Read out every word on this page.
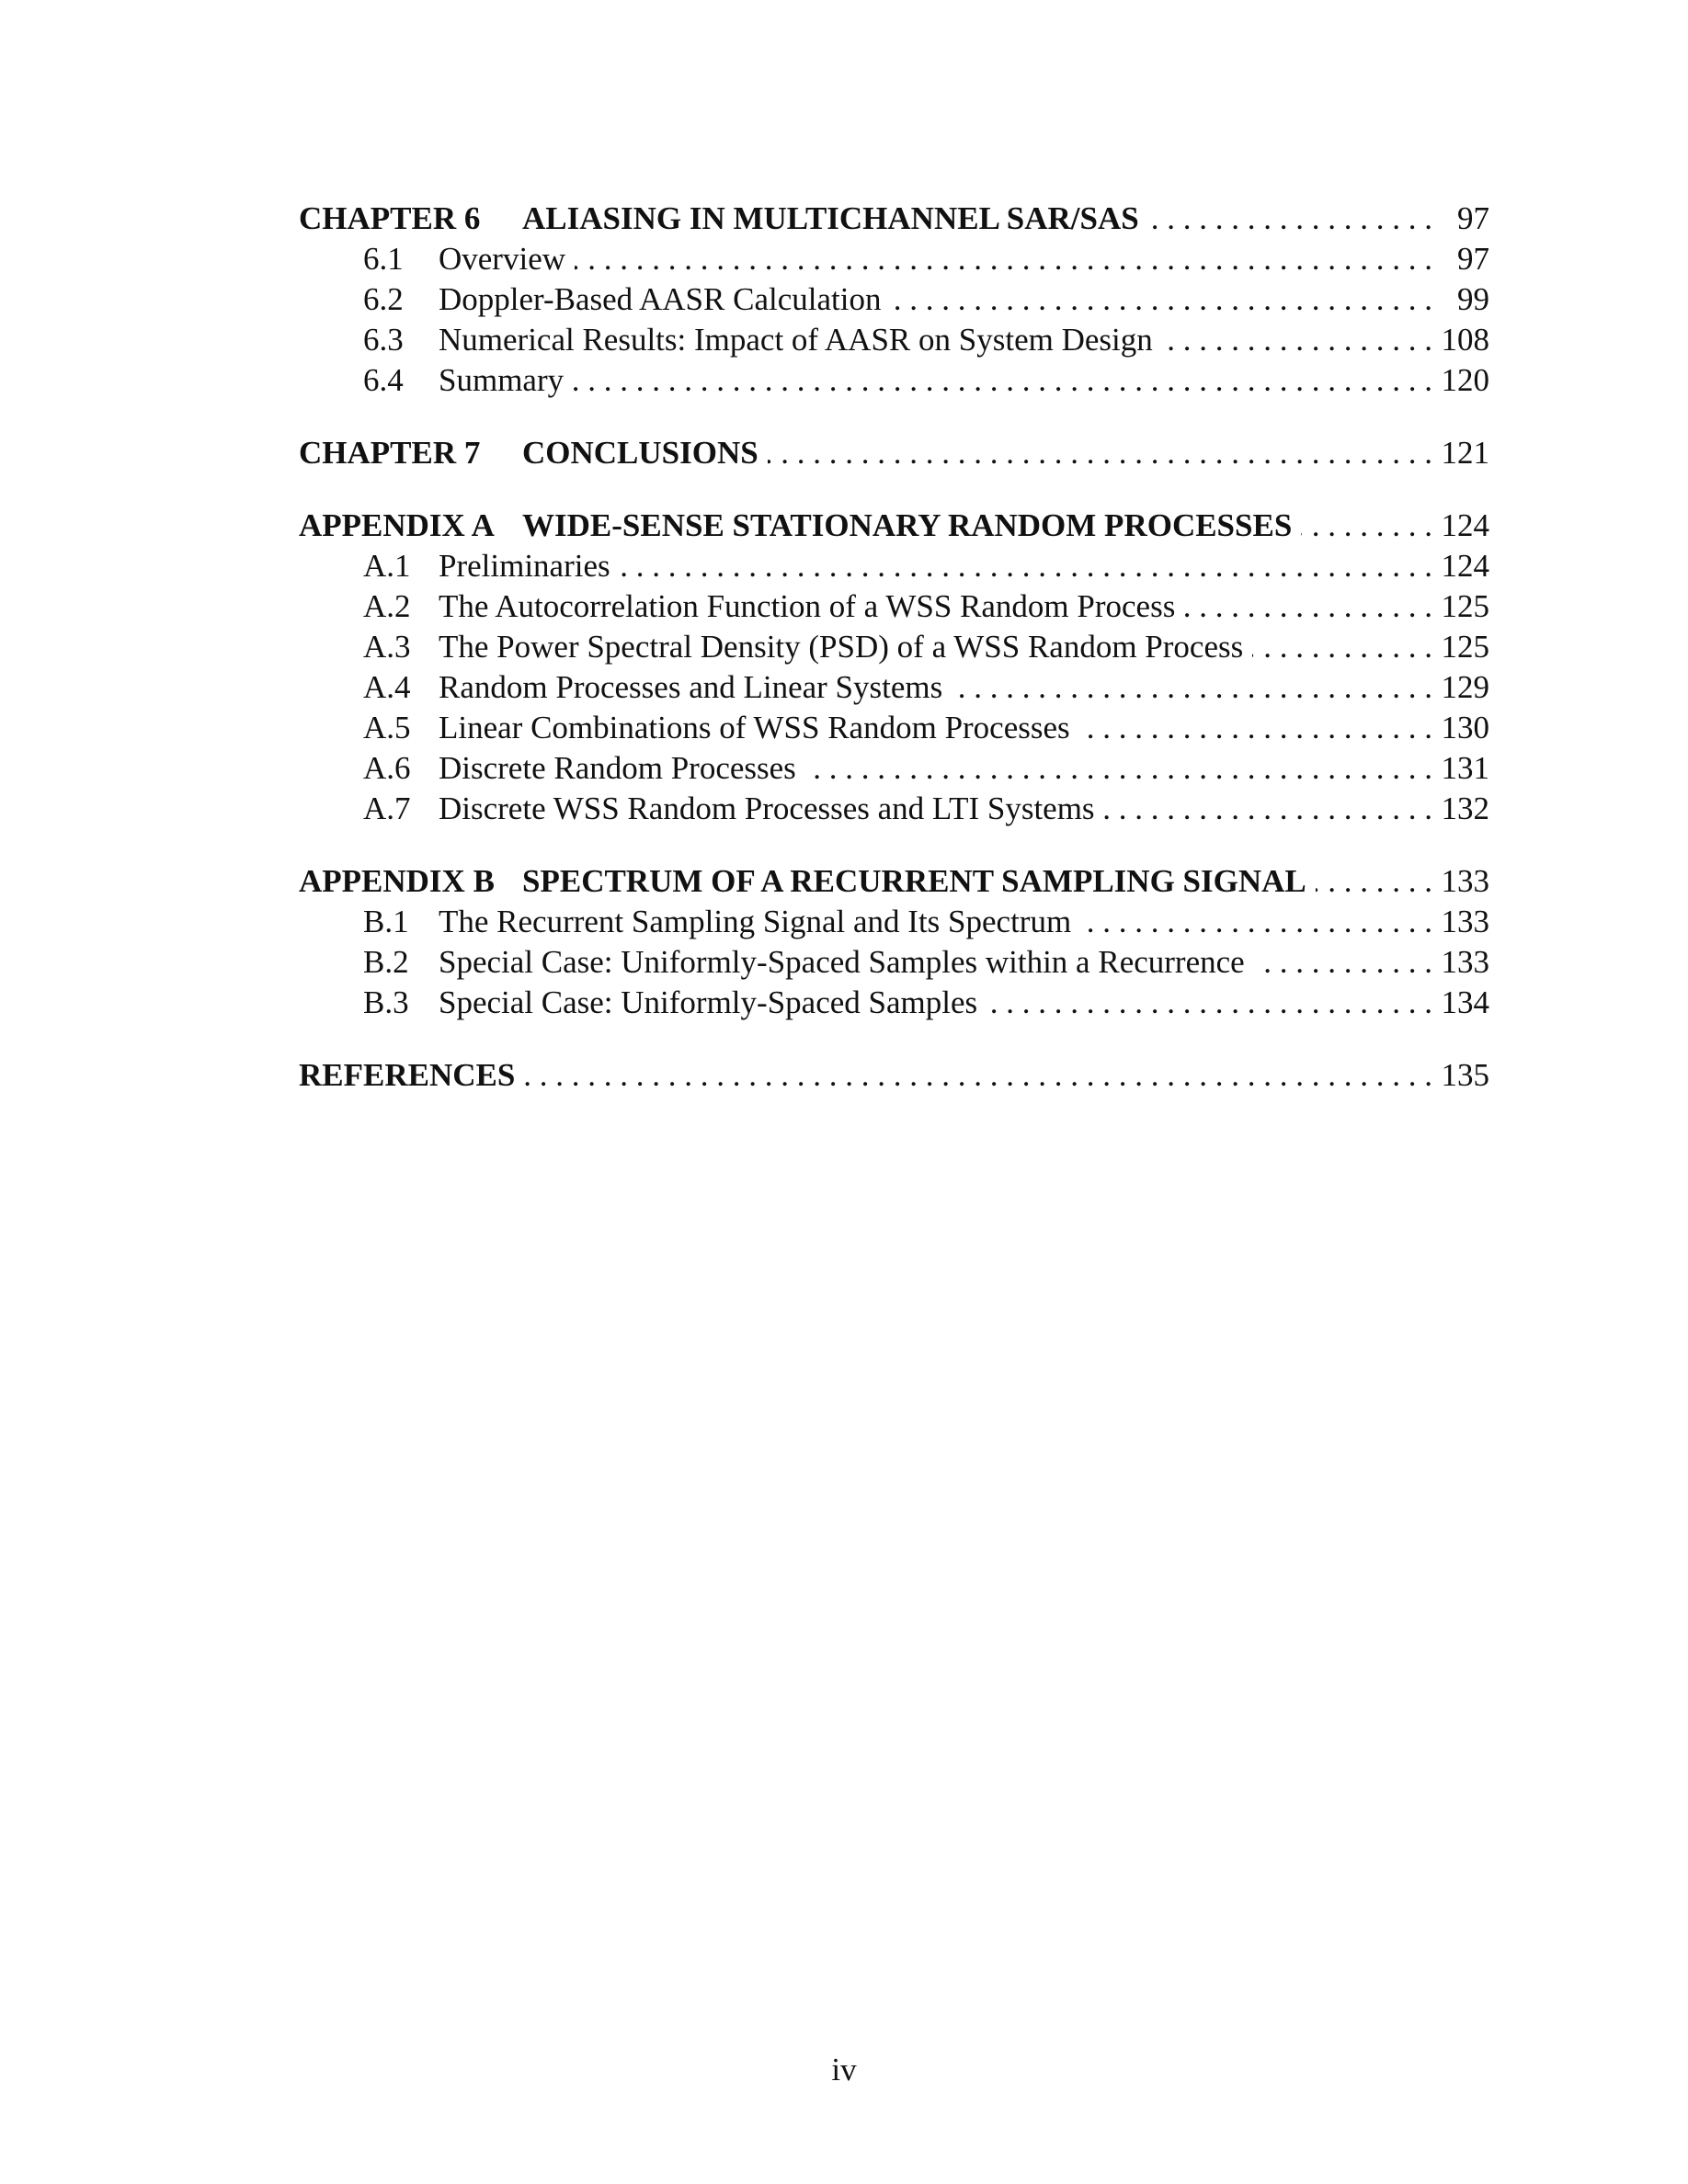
CHAPTER 6	ALIASING IN MULTICHANNEL SAR/SAS . . .	97
6.1	Overview . . .	97
6.2	Doppler-Based AASR Calculation . . .	99
6.3	Numerical Results: Impact of AASR on System Design . . .	108
6.4	Summary . . .	120
CHAPTER 7	CONCLUSIONS . . .	121
APPENDIX A WIDE-SENSE STATIONARY RANDOM PROCESSES . . .	124
A.1 Preliminaries . . .	124
A.2 The Autocorrelation Function of a WSS Random Process . . .	125
A.3 The Power Spectral Density (PSD) of a WSS Random Process . . .	125
A.4 Random Processes and Linear Systems . . .	129
A.5 Linear Combinations of WSS Random Processes . . .	130
A.6 Discrete Random Processes . . .	131
A.7 Discrete WSS Random Processes and LTI Systems . . .	132
APPENDIX B SPECTRUM OF A RECURRENT SAMPLING SIGNAL . . .	133
B.1 The Recurrent Sampling Signal and Its Spectrum . . .	133
B.2 Special Case: Uniformly-Spaced Samples within a Recurrence . . .	133
B.3 Special Case: Uniformly-Spaced Samples . . .	134
REFERENCES . . .	135
iv
